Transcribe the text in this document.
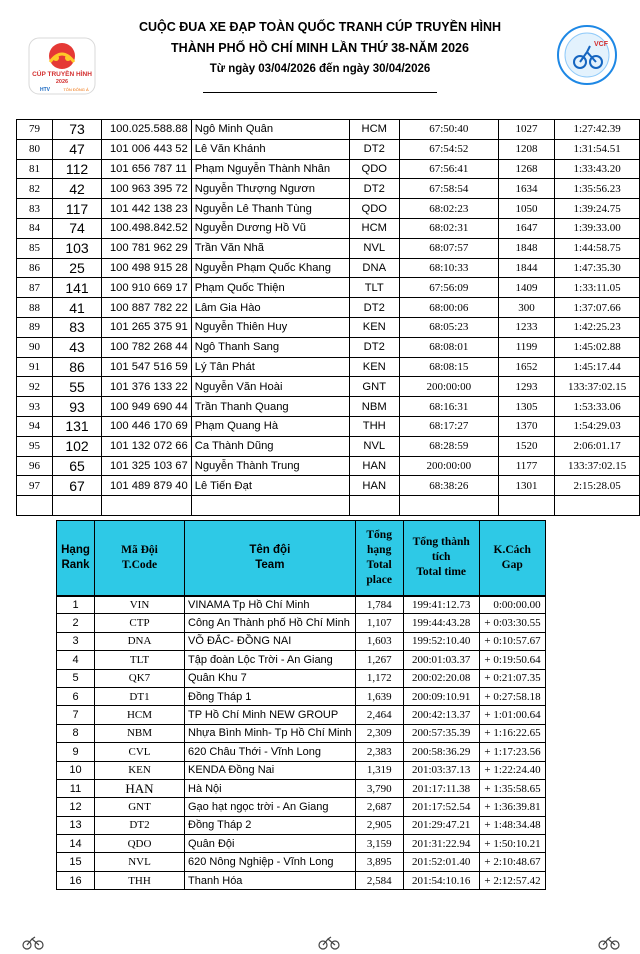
CÚP TRUYỀN HÌNH
2026
HTV	TÔN ĐÔNG Á
CUỘC ĐUA XE ĐẠP TOÀN QUỐC TRANH CÚP TRUYỀN HÌNH
THÀNH PHỐ HỒ CHÍ MINH LẦN THỨ 38-NĂM 2026
Từ ngày 03/04/2026 đến ngày 30/04/2026
VCF
79	73	100.025.588.88	Ngô Minh Quân	HCM	67:50:40	1027	1:27:42.39
80	47	101 006 443 52	Lê Văn Khánh	DT2	67:54:52	1208	1:31:54.51
81	112	101 656 787 11	Phạm Nguyễn Thành Nhân	QDO	67:56:41	1268	1:33:43.20
82	42	100 963 395 72	Nguyễn Thượng Ngươn	DT2	67:58:54	1634	1:35:56.23
83	117	101 442 138 23	Nguyễn Lê Thanh Tùng	QDO	68:02:23	1050	1:39:24.75
84	74	100.498.842.52	Nguyễn Dương Hồ Vũ	HCM	68:02:31	1647	1:39:33.00
85	103	100 781 962 29	Trần Văn Nhã	NVL	68:07:57	1848	1:44:58.75
86	25	100 498 915 28	Nguyễn Phạm Quốc Khang	DNA	68:10:33	1844	1:47:35.30
87	141	100 910 669 17	Phạm Quốc Thiện	TLT	67:56:09	1409	1:33:11.05
88	41	100 887 782 22	Lâm Gia Hào	DT2	68:00:06	300	1:37:07.66
89	83	101 265 375 91	Nguyễn Thiên Huy	KEN	68:05:23	1233	1:42:25.23
90	43	100 782 268 44	Ngô Thanh Sang	DT2	68:08:01	1199	1:45:02.88
91	86	101 547 516 59	Lý Tân Phát	KEN	68:08:15	1652	1:45:17.44
92	55	101 376 133 22	Nguyễn Văn Hoài	GNT	200:00:00	1293	133:37:02.15
93	93	100 949 690 44	Trần Thanh Quang	NBM	68:16:31	1305	1:53:33.06
94	131	100 446 170 69	Phạm Quang Hà	THH	68:17:27	1370	1:54:29.03
95	102	101 132 072 66	Ca Thành Dũng	NVL	68:28:59	1520	2:06:01.17
96	65	101 325 103 67	Nguyễn Thành Trung	HAN	200:00:00	1177	133:37:02.15
97	67	101 489 879 40	Lê Tiến Đạt	HAN	68:38:26	1301	2:15:28.05

Hạng
Rank	Mã Đội
T.Code	Tên đội
Team	Tổng
hạng
Total
place	Tổng thành
tích
Total time	K.Cách
Gap

1	VIN	VINAMA Tp Hồ Chí Minh	1,784	199:41:12.73	0:00:00.00
2	CTP	Công An Thành phố Hồ Chí Minh	1,107	199:44:43.28	+ 0:03:30.55
3	DNA	VÕ ĐẮC- ĐỒNG NAI	1,603	199:52:10.40	+ 0:10:57.67
4	TLT	Tập đoàn Lộc Trời - An Giang	1,267	200:01:03.37	+ 0:19:50.64
5	QK7	Quân Khu 7	1,172	200:02:20.08	+ 0:21:07.35
6	DT1	Đồng Tháp 1	1,639	200:09:10.91	+ 0:27:58.18
7	HCM	TP Hồ Chí Minh NEW GROUP	2,464	200:42:13.37	+ 1:01:00.64
8	NBM	Nhựa Bình Minh- Tp Hồ Chí Minh	2,309	200:57:35.39	+ 1:16:22.65
9	CVL	620 Châu Thới - Vĩnh Long	2,383	200:58:36.29	+ 1:17:23.56
10	KEN	KENDA Đồng Nai	1,319	201:03:37.13	+ 1:22:24.40
11	HAN	Hà Nội	3,790	201:17:11.38	+ 1:35:58.65
12	GNT	Gạo hạt ngọc trời - An Giang	2,687	201:17:52.54	+ 1:36:39.81
13	DT2	Đồng Tháp 2	2,905	201:29:47.21	+ 1:48:34.48
14	QDO	Quân Đội	3,159	201:31:22.94	+ 1:50:10.21
15	NVL	620 Nông Nghiệp - Vĩnh Long	3,895	201:52:01.40	+ 2:10:48.67
16	THH	Thanh Hóa	2,584	201:54:10.16	+ 2:12:57.42
